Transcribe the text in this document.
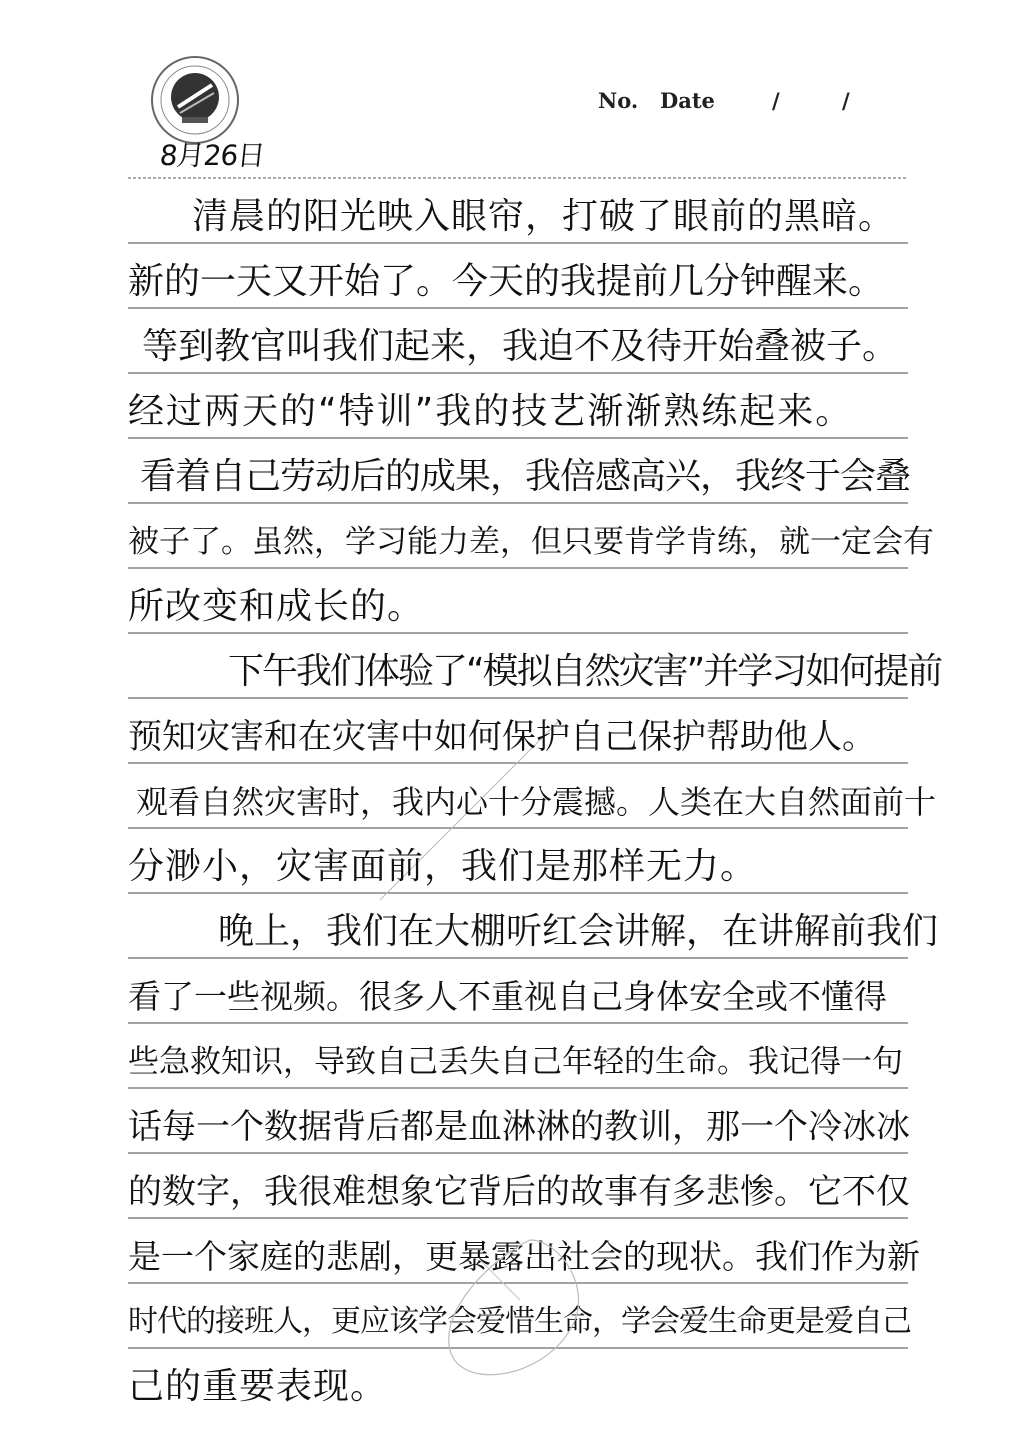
No. Date	/	/
8月26日
清晨的阳光映入眼帘，打破了眼前的黑暗。
新的一天又开始了。今天的我提前几分钟醒来。
等到教官叫我们起来，我迫不及待开始叠被子。
经过两天的“特训”我的技艺渐渐熟练起来。
看着自己劳动后的成果，我倍感高兴，我终于会叠
被子了。虽然，学习能力差，但只要肯学肯练，就一定会有
所改变和成长的。
下午我们体验了“模拟自然灾害”并学习如何提前
预知灾害和在灾害中如何保护自己保护帮助他人。
观看自然灾害时，我内心十分震撼。人类在大自然面前十
分渺小，灾害面前，我们是那样无力。
晚上，我们在大棚听红会讲解，在讲解前我们
看了一些视频。很多人不重视自己身体安全或不懂得
些急救知识，导致自己丢失自己年轻的生命。我记得一句
话每一个数据背后都是血淋淋的教训，那一个冷冰冰
的数字，我很难想象它背后的故事有多悲惨。它不仅
是一个家庭的悲剧，更暴露出社会的现状。我们作为新
时代的接班人，更应该学会爱惜生命，学会爱生命更是爱自己
己的重要表现。
